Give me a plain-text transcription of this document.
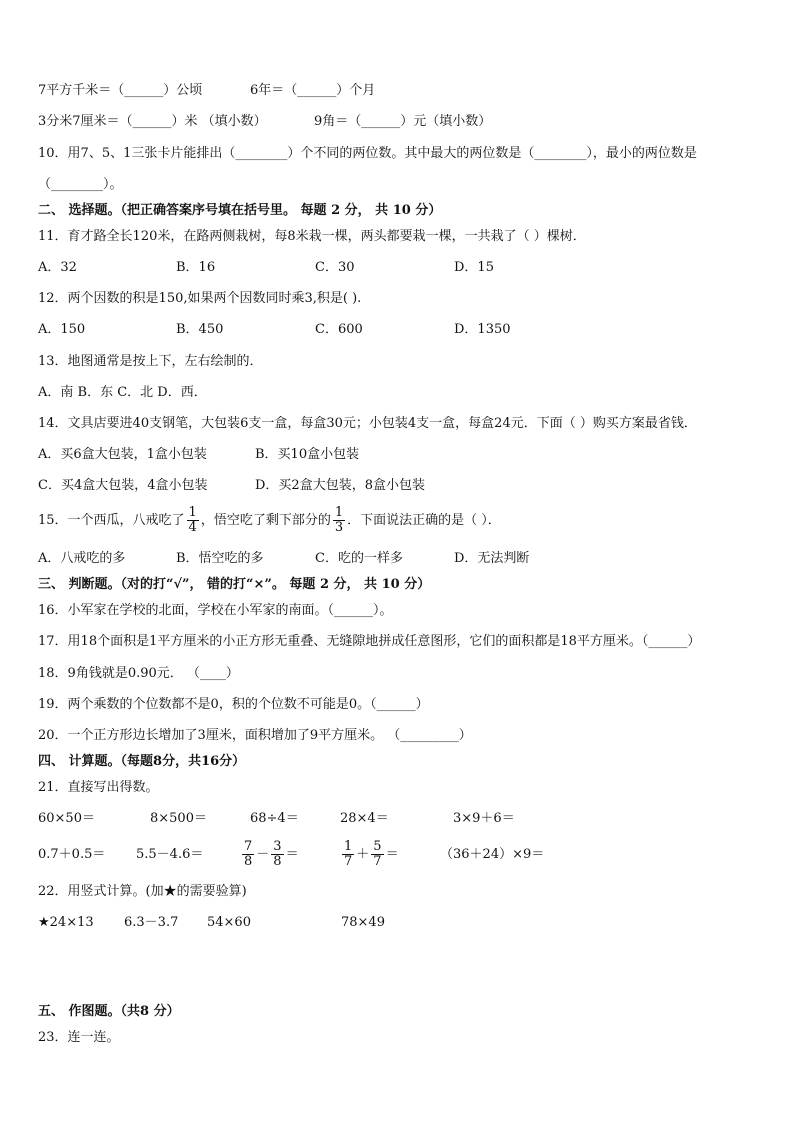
7平方千米＝（______）公顷	6年＝（______）个月
3分米7厘米＝（______）米 （填小数）	9角＝（______）元（填小数）
10．用7、5、1三张卡片能排出（________）个不同的两位数。其中最大的两位数是（________），最小的两位数是
（________）。
二、 选择题。（把正确答案序号填在括号里。 每题 2 分， 共 10 分）
11．育才路全长120米，在路两侧栽树，每8米栽一棵，两头都要栽一棵，一共栽了（ ）棵树．
A．32	B．16	C．30	D．15
12．两个因数的积是150,如果两个因数同时乘3,积是( ).
A．150	B．450	C．600	D．1350
13．地图通常是按上下，左右绘制的．
A．南 B．东 C．北 D．西．
14．文具店要进40支钢笔，大包装6支一盒，每盒30元；小包装4支一盒，每盒24元．下面（ ）购买方案最省钱．
A．买6盒大包装，1盒小包装	B．买10盒小包装
C．买4盒大包装，4盒小包装	D．买2盒大包装，8盒小包装
15．一个西瓜，八戒吃了 $\frac{1}{4}$ ，悟空吃了剩下部分的 $\frac{1}{3}$ ．下面说法正确的是（ ）．
A．八戒吃的多	B．悟空吃的多	C．吃的一样多	D．无法判断
三、 判断题。（对的打“√”， 错的打“×”。 每题 2 分， 共 10 分）
16．小军家在学校的北面，学校在小军家的南面。（______）。
17．用18个面积是1平方厘米的小正方形无重叠、无缝隙地拼成任意图形，它们的面积都是18平方厘米。（______）
18．9角钱就是0.90元． （____）
19．两个乘数的个位数都不是0，积的个位数不可能是0。（______）
20．一个正方形边长增加了3厘米，面积增加了9平方厘米。 （_________）
四、 计算题。（每题8分，共16分）
21．直接写出得数。
60×50＝	8×500＝	68÷4＝	28×4＝	3×9＋6＝
0.7＋0.5＝ 5.5－4.6＝	$\frac{7}{8} - \frac{3}{8}$ ＝	$\frac{1}{7} + \frac{5}{7}$ ＝	（36＋24）×9＝
22．用竖式计算。(加★的需要验算)
★24×13 6.3－3.7 54×60	78×49
五、 作图题。（共8 分）
23．连一连。
